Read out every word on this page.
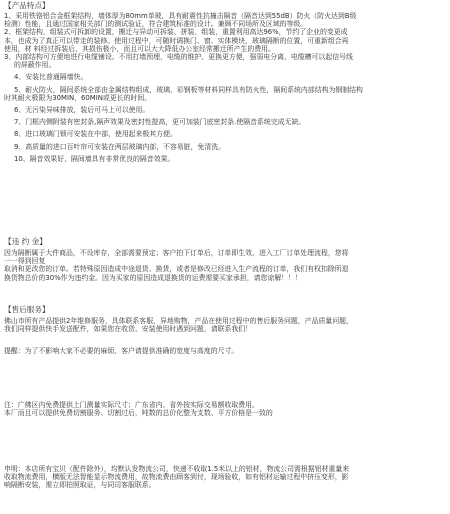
【产品特点】
1、采用铁铬铝合金框架结构，墙体厚为80mm单玻，具有耐震性抗撞击隔音（隔音达到55dB）防火（防火达到B级
检测）性能，且通过国家相关部门的测试验证，符合建筑标准的设计。兼顾不同场所及区域的等级。
2、框架结构，组装式可拆卸的设置，搬迁与异动可拆装、拼装、组装，重置利用高达96%，节约了企业的变更成
本，也成为了真正可以带走的装修。使用过程中，可随时调换门、窗、实体模块，玻璃隔断的位置，可重新组合再
使用，材 料经过拆装后，其损伤极小，而且可以大大降低办公室经常搬迁所产生的费用。
3、内部结构可方便地进行电缆铺设。不用打墙预埋，电缆的维护、更换更方便，强弱电分离，电缆槽可以起信号线
的屏蔽作用。
4、安装比普通隔墙快。
5、耐火防火，隔间系统全部由金属结构组成，玻璃、彩钢板等材料同样具有防火性，隔间系统内部结构为钢制结构
时其耐火极限为30MIN，60MIN或更长的时间。
6、无污染异味排放，装后可马上可以使用。
7、门框内侧附装有密封条,隔声效果及密封性提高，更可加装门底密封条.使隔音系统完成无缺。
8、进口玻璃门锁可安装在中部，使用起来极其方便。
9、高质量的进口百叶帘可安装在两层玻璃内部，不容易脏，免清洗。
10、隔音效果好，隔间墙具有非常优良的隔音效果。
【违 约 金】
因为隔断属于大件商品，不设库存，全部需要预定；客户拍下订单后，订单即生效，进入工厂订单处理流程，您将
一一得到回复
取消和更改您的订单。若特殊原因造成中途退货、换货，或者是修改已经进入生产流程的订单，我们有权扣除所退
换货物总价的30%作为违约金。因为买家的原因造成退换货的运费需要买家承担，请您谅解！！！
【售后服务】
佛山市所有产品提供2年维修服务，具体联系客服，异地购物，产品在使用过程中的售后服务问题，产品质量问题，
我们同样提供快手发送配件，如果您在收货、安装使用时遇到问题，请联系我们！
提醒：为了不影响大家不必要的麻烦、客户请提供准确的宽度与高度的尺寸。
注：广佛区内免费提供上门测量实际尺寸；广东省内、省外按实际交易额收取费用。
本厂而且可以提供免费切割服务、切割过后，吨数的总价化整为支数、平方价格是一致的
申明：本店所有宝贝（配件除外），均默认发物流公司，快递不收取1.5米以上的铝材，物流公司需根据铝材重量来
收取物流费用，横版无法智能显示物流费用，故物流费由顾客到付，现场验收，如有铝材运输过程中挤压变形，影
响隔断安装，需立即拍照取证，与同司客服联系。
